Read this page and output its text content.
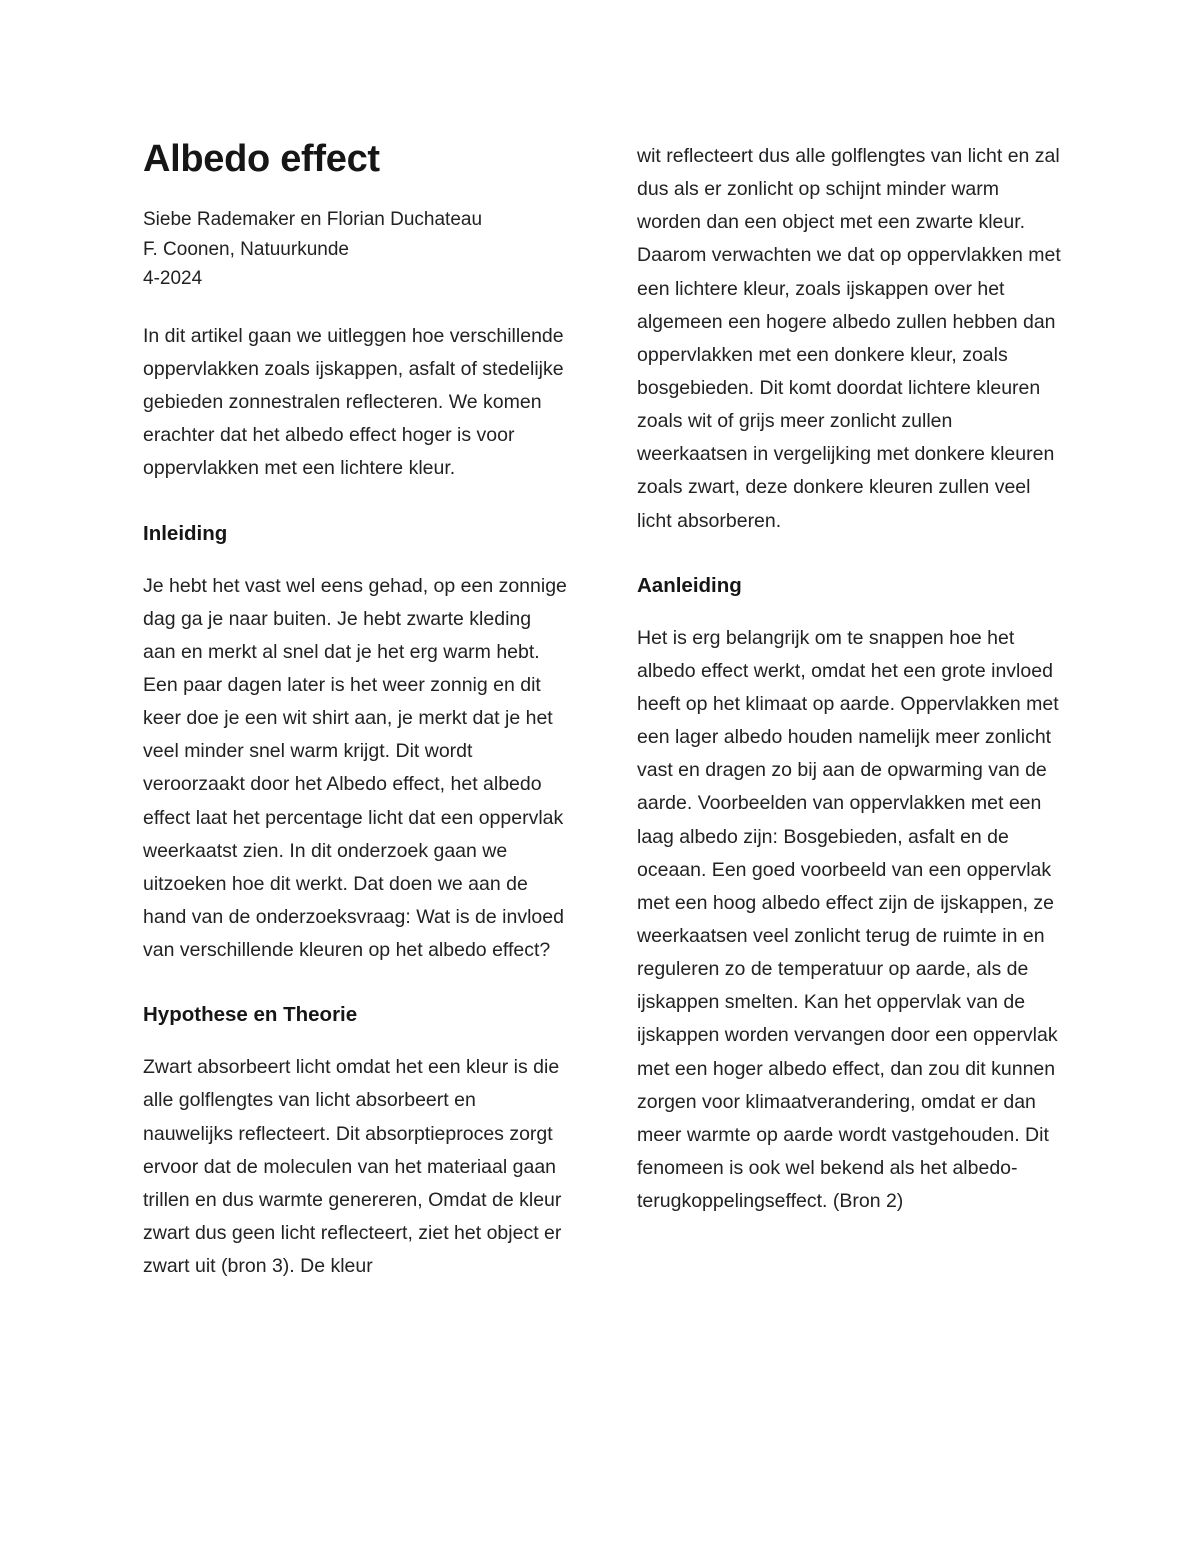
Albedo effect

Siebe Rademaker en Florian Duchateau

F. Coonen, Natuurkunde

4-2024

In dit artikel gaan we uitleggen hoe verschillende oppervlakken zoals ijskappen, asfalt of stedelijke gebieden zonnestralen reflecteren. We komen erachter dat het albedo effect hoger is voor oppervlakken met een lichtere kleur.

Inleiding

Je hebt het vast wel eens gehad, op een zonnige dag ga je naar buiten. Je hebt zwarte kleding aan en merkt al snel dat je het erg warm hebt. Een paar dagen later is het weer zonnig en dit keer doe je een wit shirt aan, je merkt dat je het veel minder snel warm krijgt. Dit wordt veroorzaakt door het Albedo effect, het albedo effect laat het percentage licht dat een oppervlak weerkaatst zien. In dit onderzoek gaan we uitzoeken hoe dit werkt. Dat doen we aan de hand van de onderzoeksvraag: Wat is de invloed van verschillende kleuren op het albedo effect?

Hypothese en Theorie

Zwart absorbeert licht omdat het een kleur is die alle golflengtes van licht absorbeert en nauwelijks reflecteert. Dit absorptieproces zorgt ervoor dat de moleculen van het materiaal gaan trillen en dus warmte genereren, Omdat de kleur zwart dus geen licht reflecteert, ziet het object er zwart uit (bron 3). De kleur

wit reflecteert dus alle golflengtes van licht en zal dus als er zonlicht op schijnt minder warm worden dan een object met een zwarte kleur. Daarom verwachten we dat op oppervlakken met een lichtere kleur, zoals ijskappen over het algemeen een hogere albedo zullen hebben dan oppervlakken met een donkere kleur, zoals bosgebieden. Dit komt doordat lichtere kleuren zoals wit of grijs meer zonlicht zullen weerkaatsen in vergelijking met donkere kleuren zoals zwart, deze donkere kleuren zullen veel licht absorberen.

Aanleiding

Het is erg belangrijk om te snappen hoe het albedo effect werkt, omdat het een grote invloed heeft op het klimaat op aarde. Oppervlakken met een lager albedo houden namelijk meer zonlicht vast en dragen zo bij aan de opwarming van de aarde. Voorbeelden van oppervlakken met een laag albedo zijn: Bosgebieden, asfalt en de oceaan. Een goed voorbeeld van een oppervlak met een hoog albedo effect zijn de ijskappen, ze weerkaatsen veel zonlicht terug de ruimte in en reguleren zo de temperatuur op aarde, als de ijskappen smelten. Kan het oppervlak van de ijskappen worden vervangen door een oppervlak met een hoger albedo effect, dan zou dit kunnen zorgen voor klimaatverandering, omdat er dan meer warmte op aarde wordt vastgehouden. Dit fenomeen is ook wel bekend als het albedo-terugkoppelingseffect. (Bron 2)
